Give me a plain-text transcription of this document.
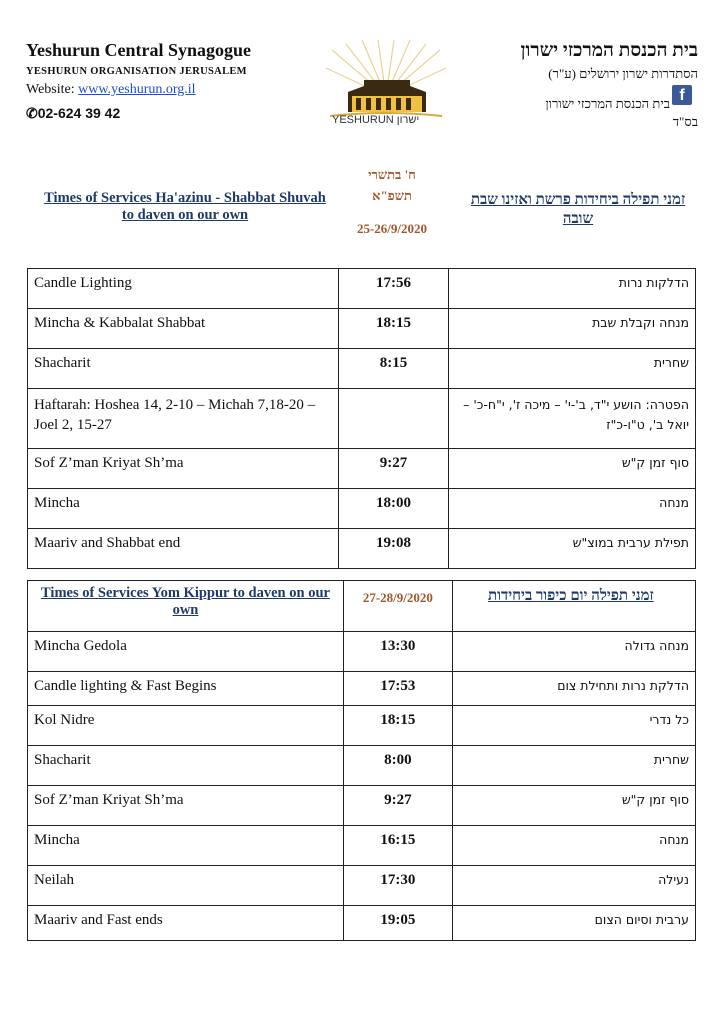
Yeshurun Central Synagogue
YESHURUN ORGANISATION JERUSALEM
Website: www.yeshurun.org.il
✆02-624 39 42	YESHURUN ישרון
בית הכנסת המרכזי ישרון
הסתדרות ישרון ירושלים (ע"ר)
f
בית הכנסת המרכזי ישורון
בס"ד
Times of Services Ha'azinu - Shabbat Shuvah to daven on our own
ח' בתשרי
תשפ"א
25-26/9/2020
זמני תפילה ביחידות פרשת ואזינו שבת שובה
Candle Lighting	17:56	הדלקות נרות
Mincha & Kabbalat Shabbat	18:15	מנחה וקבלת שבת
Shacharit	8:15	שחרית
Haftarah: Hoshea 14, 2-10 – Michah 7,18-20 – Joel 2, 15-27		הפטרה: הושע י"ד, ב'-י' – מיכה ז', י"ח-כ' – יואל ב', ט"ו-כ"ז
Sof Z’man Kriyat Sh’ma	9:27	סוף זמן ק"ש
Mincha	18:00	מנחה
Maariv and Shabbat end	19:08	תפילת ערבית במוצ"ש
Times of Services Yom Kippur to daven on our own	27-28/9/2020	זמני תפילה יום כיפור ביחידות

Mincha Gedola	13:30	מנחה גדולה
Candle lighting & Fast Begins	17:53	הדלקת נרות ותחילת צום
Kol Nidre	18:15	כל נדרי
Shacharit	8:00	שחרית
Sof Z’man Kriyat Sh’ma	9:27	סוף זמן ק"ש
Mincha	16:15	מנחה
Neilah	17:30	נעילה
Maariv and Fast ends	19:05	ערבית וסיום הצום
